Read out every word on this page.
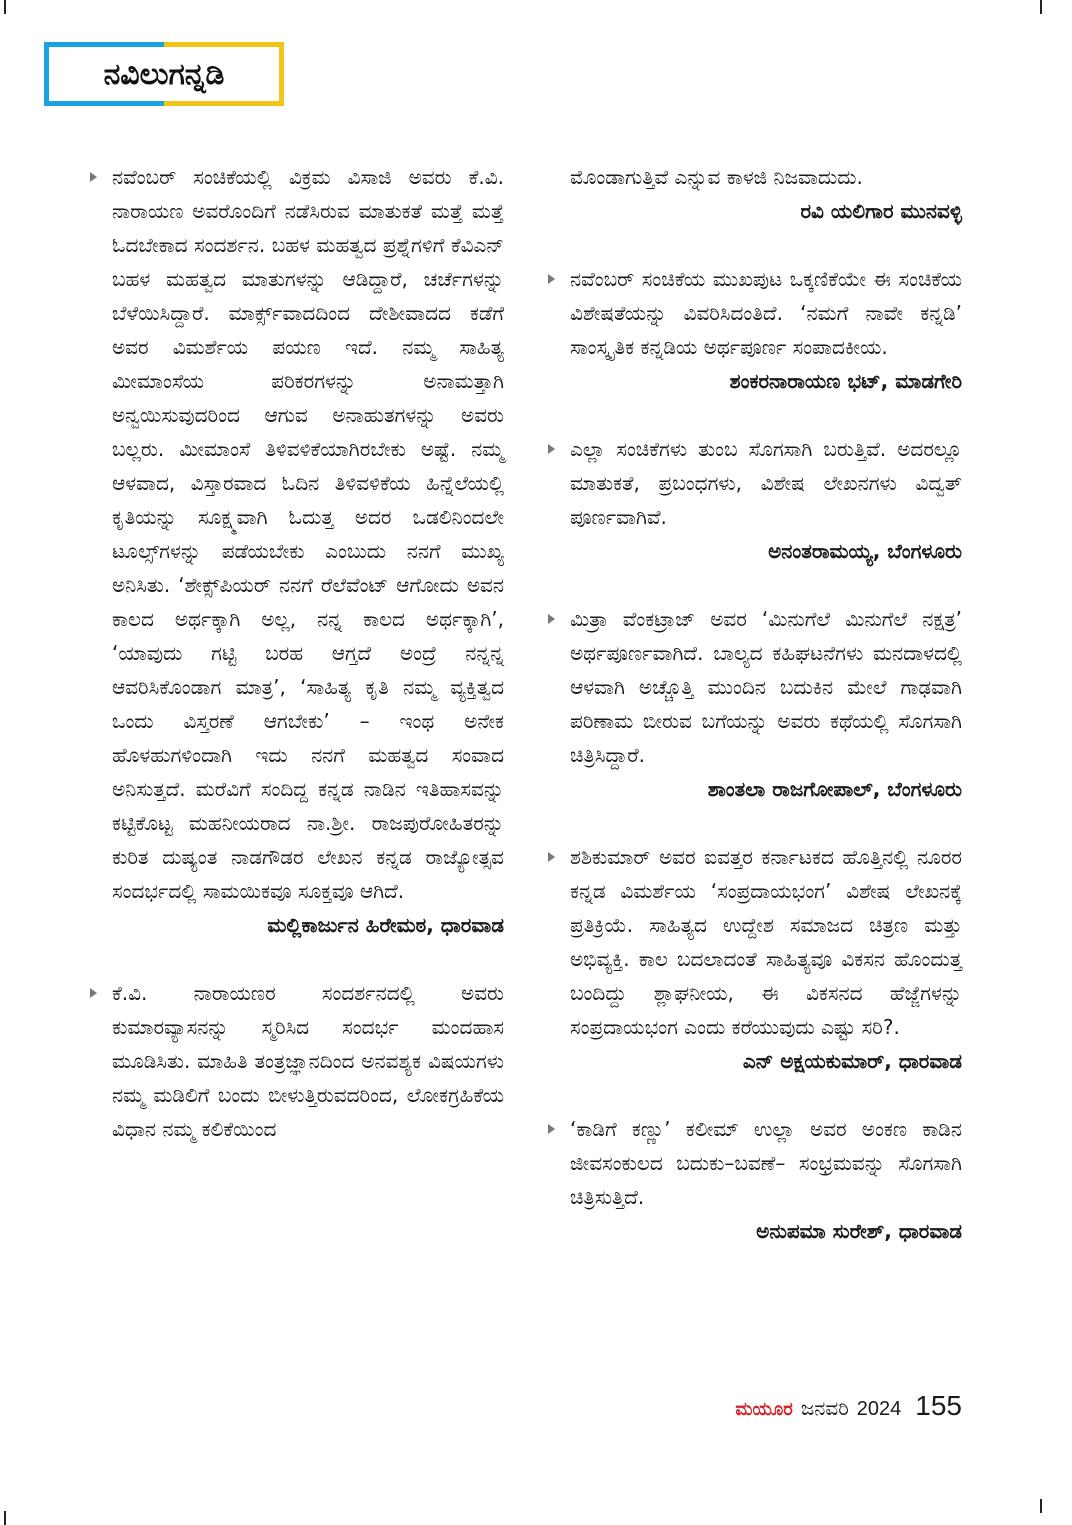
ನವಿಲುಗನ್ನಡಿ

ನವೆಂಬರ್ ಸಂಚಿಕೆಯಲ್ಲಿ ವಿಕ್ರಮ ವಿಸಾಜಿ ಅವರು ಕೆ.ವಿ. ನಾರಾಯಣ ಅವರೊಂದಿಗೆ ನಡೆಸಿರುವ ಮಾತುಕತೆ ಮತ್ತೆ ಮತ್ತೆ ಓದಬೇಕಾದ ಸಂದರ್ಶನ. ಬಹಳ ಮಹತ್ವದ ಪ್ರಶ್ನೆಗಳಿಗೆ ಕೆವಿಎನ್ ಬಹಳ ಮಹತ್ವದ ಮಾತುಗಳನ್ನು ಆಡಿದ್ದಾರೆ, ಚರ್ಚೆಗಳನ್ನು ಬೆಳೆಯಿಸಿದ್ದಾರೆ. ಮಾರ್ಕ್ಸ್‌ವಾದದಿಂದ ದೇಶೀವಾದದ ಕಡೆಗೆ ಅವರ ವಿಮರ್ಶೆಯ ಪಯಣ ಇದೆ. ನಮ್ಮ ಸಾಹಿತ್ಯ ಮೀಮಾಂಸೆಯ ಪರಿಕರಗಳನ್ನು ಅನಾಮತ್ತಾಗಿ ಅನ್ವಯಿಸುವುದರಿಂದ ಆಗುವ ಅನಾಹುತಗಳನ್ನು ಅವರು ಬಲ್ಲರು. ಮೀಮಾಂಸೆ ತಿಳಿವಳಿಕೆಯಾಗಿರಬೇಕು ಅಷ್ಟೆ. ನಮ್ಮ ಆಳವಾದ, ವಿಸ್ತಾರವಾದ ಓದಿನ ತಿಳಿವಳಿಕೆಯ ಹಿನ್ನೆಲೆಯಲ್ಲಿ ಕೃತಿಯನ್ನು ಸೂಕ್ಷ್ಮವಾಗಿ ಓದುತ್ತ ಅದರ ಒಡಲಿನಿಂದಲೇ ಟೂಲ್ಸ್‌ಗಳನ್ನು ಪಡೆಯಬೇಕು ಎಂಬುದು ನನಗೆ ಮುಖ್ಯ ಅನಿಸಿತು. ‘ಶೇಕ್ಸ್‌ಪಿಯರ್ ನನಗೆ ರೆಲೆವೆಂಟ್ ಆಗೋದು ಅವನ ಕಾಲದ ಅರ್ಥಕ್ಕಾಗಿ ಅಲ್ಲ, ನನ್ನ ಕಾಲದ ಅರ್ಥಕ್ಕಾಗಿ’, ‘ಯಾವುದು ಗಟ್ಟಿ ಬರಹ ಆಗ್ತದೆ ಅಂದ್ರೆ ನನ್ನನ್ನ ಆವರಿಸಿಕೊಂಡಾಗ ಮಾತ್ರ’, ‘ಸಾಹಿತ್ಯ ಕೃತಿ ನಮ್ಮ ವ್ಯಕ್ತಿತ್ವದ ಒಂದು ವಿಸ್ತರಣೆ ಆಗಬೇಕು’ – ಇಂಥ ಅನೇಕ ಹೊಳಹುಗಳಿಂದಾಗಿ ಇದು ನನಗೆ ಮಹತ್ವದ ಸಂವಾದ ಅನಿಸುತ್ತದೆ. ಮರೆವಿಗೆ ಸಂದಿದ್ದ ಕನ್ನಡ ನಾಡಿನ ಇತಿಹಾಸವನ್ನು ಕಟ್ಟಿಕೊಟ್ಟ ಮಹನೀಯರಾದ ನಾ.ಶ್ರೀ. ರಾಜಪುರೋಹಿತರನ್ನು ಕುರಿತ ದುಷ್ಯಂತ ನಾಡಗೌಡರ ಲೇಖನ ಕನ್ನಡ ರಾಜ್ಯೋತ್ಸವ ಸಂದರ್ಭದಲ್ಲಿ ಸಾಮಯಿಕವೂ ಸೂಕ್ತವೂ ಆಗಿದೆ.

ಮಲ್ಲಿಕಾರ್ಜುನ ಹಿರೇಮಠ, ಧಾರವಾಡ

ಕೆ.ವಿ. ನಾರಾಯಣರ ಸಂದರ್ಶನದಲ್ಲಿ ಅವರು ಕುಮಾರವ್ಯಾಸನನ್ನು ಸ್ಮರಿಸಿದ ಸಂದರ್ಭ ಮಂದಹಾಸ ಮೂಡಿಸಿತು. ಮಾಹಿತಿ ತಂತ್ರಜ್ಞಾನದಿಂದ ಅನವಶ್ಯಕ ವಿಷಯಗಳು ನಮ್ಮ ಮಡಿಲಿಗೆ ಬಂದು ಬೀಳುತ್ತಿರುವದರಿಂದ, ಲೋಕಗ್ರಹಿಕೆಯ ವಿಧಾನ ನಮ್ಮ ಕಲಿಕೆಯಿಂದ

ಮೊಂಡಾಗುತ್ತಿವೆ ಎನ್ನುವ ಕಾಳಜಿ ನಿಜವಾದುದು.

ರವಿ ಯಲಿಗಾರ ಮುನವಳ್ಳಿ

ನವೆಂಬರ್ ಸಂಚಿಕೆಯ ಮುಖಪುಟ ಒಕ್ಕಣಿಕೆಯೇ ಈ ಸಂಚಿಕೆಯ ವಿಶೇಷತೆಯನ್ನು ವಿವರಿಸಿದಂತಿದೆ. ‘ನಮಗೆ ನಾವೇ ಕನ್ನಡಿ’ ಸಾಂಸ್ಕೃತಿಕ ಕನ್ನಡಿಯ ಅರ್ಥಪೂರ್ಣ ಸಂಪಾದಕೀಯ.

ಶಂಕರನಾರಾಯಣ ಭಟ್, ಮಾಡಗೇರಿ

ಎಲ್ಲಾ ಸಂಚಿಕೆಗಳು ತುಂಬ ಸೊಗಸಾಗಿ ಬರುತ್ತಿವೆ. ಅದರಲ್ಲೂ ಮಾತುಕತೆ, ಪ್ರಬಂಧಗಳು, ವಿಶೇಷ ಲೇಖನಗಳು ವಿದ್ವತ್ ಪೂರ್ಣವಾಗಿವೆ.

ಅನಂತರಾಮಯ್ಯ, ಬೆಂಗಳೂರು

ಮಿತ್ರಾ ವೆಂಕಟ್ರಾಜ್ ಅವರ ‘ಮಿನುಗೆಲೆ ಮಿನುಗೆಲೆ ನಕ್ಷತ್ರ’ ಅರ್ಥಪೂರ್ಣವಾಗಿದೆ. ಬಾಲ್ಯದ ಕಹಿಘಟನೆಗಳು ಮನದಾಳದಲ್ಲಿ ಆಳವಾಗಿ ಅಚ್ಚೊತ್ತಿ ಮುಂದಿನ ಬದುಕಿನ ಮೇಲೆ ಗಾಢವಾಗಿ ಪರಿಣಾಮ ಬೀರುವ ಬಗೆಯನ್ನು ಅವರು ಕಥೆಯಲ್ಲಿ ಸೊಗಸಾಗಿ ಚಿತ್ರಿಸಿದ್ದಾರೆ.

ಶಾಂತಲಾ ರಾಜಗೋಪಾಲ್, ಬೆಂಗಳೂರು

ಶಶಿಕುಮಾರ್ ಅವರ ಐವತ್ತರ ಕರ್ನಾಟಕದ ಹೊತ್ತಿನಲ್ಲಿ ನೂರರ ಕನ್ನಡ ವಿಮರ್ಶೆಯ ‘ಸಂಪ್ರದಾಯಭಂಗ’ ವಿಶೇಷ ಲೇಖನಕ್ಕೆ ಪ್ರತಿಕ್ರಿಯೆ. ಸಾಹಿತ್ಯದ ಉದ್ದೇಶ ಸಮಾಜದ ಚಿತ್ರಣ ಮತ್ತು ಅಭಿವ್ಯಕ್ತಿ. ಕಾಲ ಬದಲಾದಂತೆ ಸಾಹಿತ್ಯವೂ ವಿಕಸನ ಹೊಂದುತ್ತ ಬಂದಿದ್ದು ಶ್ಲಾಘನೀಯ, ಈ ವಿಕಸನದ ಹೆಜ್ಜೆಗಳನ್ನು ಸಂಪ್ರದಾಯಭಂಗ ಎಂದು ಕರೆಯುವುದು ಎಷ್ಟು ಸರಿ?.

ಎನ್ ಅಕ್ಷಯಕುಮಾರ್, ಧಾರವಾಡ

‘ಕಾಡಿಗೆ ಕಣ್ಣು’ ಕಲೀಮ್ ಉಲ್ಲಾ ಅವರ ಅಂಕಣ ಕಾಡಿನ ಜೀವಸಂಕುಲದ ಬದುಕು–ಬವಣೆ– ಸಂಭ್ರಮವನ್ನು ಸೊಗಸಾಗಿ ಚಿತ್ರಿಸುತ್ತಿದೆ.

ಅನುಪಮಾ ಸುರೇಶ್, ಧಾರವಾಡ

ಮಯೂರ ಜನವರಿ 2024 155
